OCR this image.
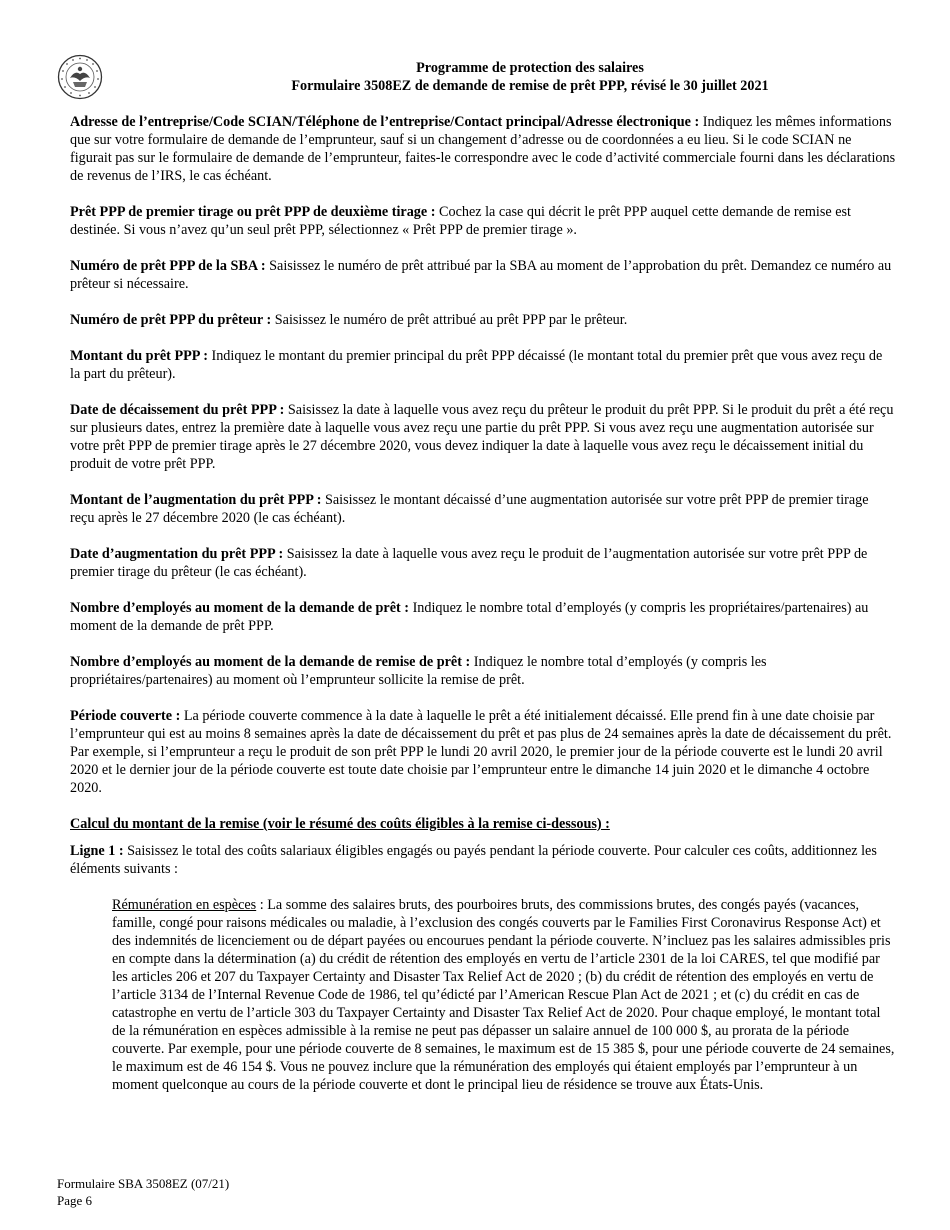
Programme de protection des salaires
Formulaire 3508EZ de demande de remise de prêt PPP, révisé le 30 juillet 2021

Adresse de l’entreprise/Code SCIAN/Téléphone de l’entreprise/Contact principal/Adresse électronique : Indiquez les mêmes informations que sur votre formulaire de demande de l’emprunteur, sauf si un changement d’adresse ou de coordonnées a eu lieu. Si le code SCIAN ne figurait pas sur le formulaire de demande de l’emprunteur, faites-le correspondre avec le code d’activité commerciale fourni dans les déclarations de revenus de l’IRS, le cas échéant.

Prêt PPP de premier tirage ou prêt PPP de deuxième tirage : Cochez la case qui décrit le prêt PPP auquel cette demande de remise est destinée. Si vous n’avez qu’un seul prêt PPP, sélectionnez « Prêt PPP de premier tirage ».

Numéro de prêt PPP de la SBA : Saisissez le numéro de prêt attribué par la SBA au moment de l’approbation du prêt. Demandez ce numéro au prêteur si nécessaire.

Numéro de prêt PPP du prêteur : Saisissez le numéro de prêt attribué au prêt PPP par le prêteur.

Montant du prêt PPP : Indiquez le montant du premier principal du prêt PPP décaissé (le montant total du premier prêt que vous avez reçu de la part du prêteur).

Date de décaissement du prêt PPP : Saisissez la date à laquelle vous avez reçu du prêteur le produit du prêt PPP. Si le produit du prêt a été reçu sur plusieurs dates, entrez la première date à laquelle vous avez reçu une partie du prêt PPP. Si vous avez reçu une augmentation autorisée sur votre prêt PPP de premier tirage après le 27 décembre 2020, vous devez indiquer la date à laquelle vous avez reçu le décaissement initial du produit de votre prêt PPP.

Montant de l’augmentation du prêt PPP : Saisissez le montant décaissé d’une augmentation autorisée sur votre prêt PPP de premier tirage reçu après le 27 décembre 2020 (le cas échéant).

Date d’augmentation du prêt PPP : Saisissez la date à laquelle vous avez reçu le produit de l’augmentation autorisée sur votre prêt PPP de premier tirage du prêteur (le cas échéant).

Nombre d’employés au moment de la demande de prêt : Indiquez le nombre total d’employés (y compris les propriétaires/partenaires) au moment de la demande de prêt PPP.

Nombre d’employés au moment de la demande de remise de prêt : Indiquez le nombre total d’employés (y compris les propriétaires/partenaires) au moment où l’emprunteur sollicite la remise de prêt.

Période couverte : La période couverte commence à la date à laquelle le prêt a été initialement décaissé. Elle prend fin à une date choisie par l’emprunteur qui est au moins 8 semaines après la date de décaissement du prêt et pas plus de 24 semaines après la date de décaissement du prêt. Par exemple, si l’emprunteur a reçu le produit de son prêt PPP le lundi 20 avril 2020, le premier jour de la période couverte est le lundi 20 avril 2020 et le dernier jour de la période couverte est toute date choisie par l’emprunteur entre le dimanche 14 juin 2020 et le dimanche 4 octobre 2020.

Calcul du montant de la remise (voir le résumé des coûts éligibles à la remise ci-dessous) :

Ligne 1 : Saisissez le total des coûts salariaux éligibles engagés ou payés pendant la période couverte. Pour calculer ces coûts, additionnez les éléments suivants :

Rémunération en espèces : La somme des salaires bruts, des pourboires bruts, des commissions brutes, des congés payés (vacances, famille, congé pour raisons médicales ou maladie, à l’exclusion des congés couverts par le Families First Coronavirus Response Act) et des indemnités de licenciement ou de départ payées ou encourues pendant la période couverte. N’incluez pas les salaires admissibles pris en compte dans la détermination (a) du crédit de rétention des employés en vertu de l’article 2301 de la loi CARES, tel que modifié par les articles 206 et 207 du Taxpayer Certainty and Disaster Tax Relief Act de 2020 ; (b) du crédit de rétention des employés en vertu de l’article 3134 de l’Internal Revenue Code de 1986, tel qu’édicté par l’American Rescue Plan Act de 2021 ; et (c) du crédit en cas de catastrophe en vertu de l’article 303 du Taxpayer Certainty and Disaster Tax Relief Act de 2020. Pour chaque employé, le montant total de la rémunération en espèces admissible à la remise ne peut pas dépasser un salaire annuel de 100 000 $, au prorata de la période couverte. Par exemple, pour une période couverte de 8 semaines, le maximum est de 15 385 $, pour une période couverte de 24 semaines, le maximum est de 46 154 $. Vous ne pouvez inclure que la rémunération des employés qui étaient employés par l’emprunteur à un moment quelconque au cours de la période couverte et dont le principal lieu de résidence se trouve aux États-Unis.

Formulaire SBA 3508EZ (07/21)
Page 6
